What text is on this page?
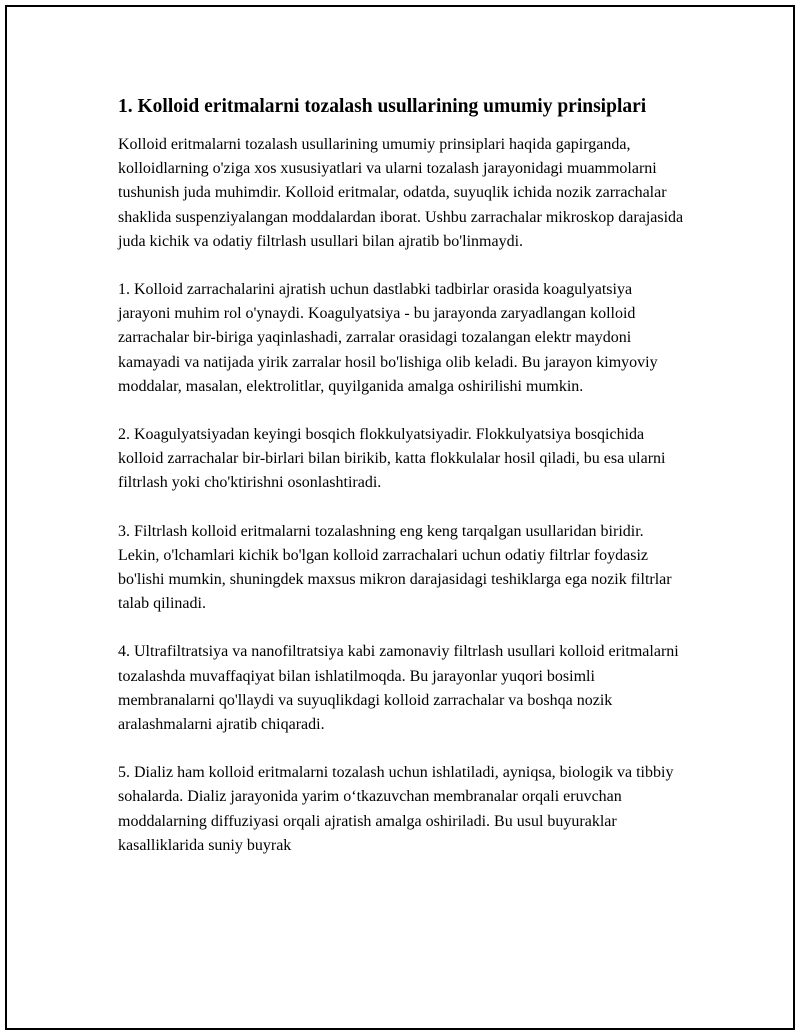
1. Kolloid eritmalarni tozalash usullarining umumiy prinsiplari

Kolloid eritmalarni tozalash usullarining umumiy prinsiplari haqida gapirganda, kolloidlarning o'ziga xos xususiyatlari va ularni tozalash jarayonidagi muammolarni tushunish juda muhimdir. Kolloid eritmalar, odatda, suyuqlik ichida nozik zarrachalar shaklida suspenziyalangan moddalardan iborat. Ushbu zarrachalar mikroskop darajasida juda kichik va odatiy filtrlash usullari bilan ajratib bo'linmaydi.

1. Kolloid zarrachalarini ajratish uchun dastlabki tadbirlar orasida koagulyatsiya jarayoni muhim rol o'ynaydi. Koagulyatsiya - bu jarayonda zaryadlangan kolloid zarrachalar bir-biriga yaqinlashadi, zarralar orasidagi tozalangan elektr maydoni kamayadi va natijada yirik zarralar hosil bo'lishiga olib keladi. Bu jarayon kimyoviy moddalar, masalan, elektrolitlar, quyilganida amalga oshirilishi mumkin.

2. Koagulyatsiyadan keyingi bosqich flokkulyatsiyadir. Flokkulyatsiya bosqichida kolloid zarrachalar bir-birlari bilan birikib, katta flokkulalar hosil qiladi, bu esa ularni filtrlash yoki cho'ktirishni osonlashtiradi.

3. Filtrlash kolloid eritmalarni tozalashning eng keng tarqalgan usullaridan biridir. Lekin, o'lchamlari kichik bo'lgan kolloid zarrachalari uchun odatiy filtrlar foydasiz bo'lishi mumkin, shuningdek maxsus mikron darajasidagi teshiklarga ega nozik filtrlar talab qilinadi.

4. Ultrafiltratsiya va nanofiltratsiya kabi zamonaviy filtrlash usullari kolloid eritmalarni tozalashda muvaffaqiyat bilan ishlatilmoqda. Bu jarayonlar yuqori bosimli membranalarni qo'llaydi va suyuqlikdagi kolloid zarrachalar va boshqa nozik aralashmalarni ajratib chiqaradi.

5. Dializ ham kolloid eritmalarni tozalash uchun ishlatiladi, ayniqsa, biologik va tibbiy sohalarda. Dializ jarayonida yarim o‘tkazuvchan membranalar orqali eruvchan moddalarning diffuziyasi orqali ajratish amalga oshiriladi. Bu usul buyuraklar kasalliklarida suniy buyrak
